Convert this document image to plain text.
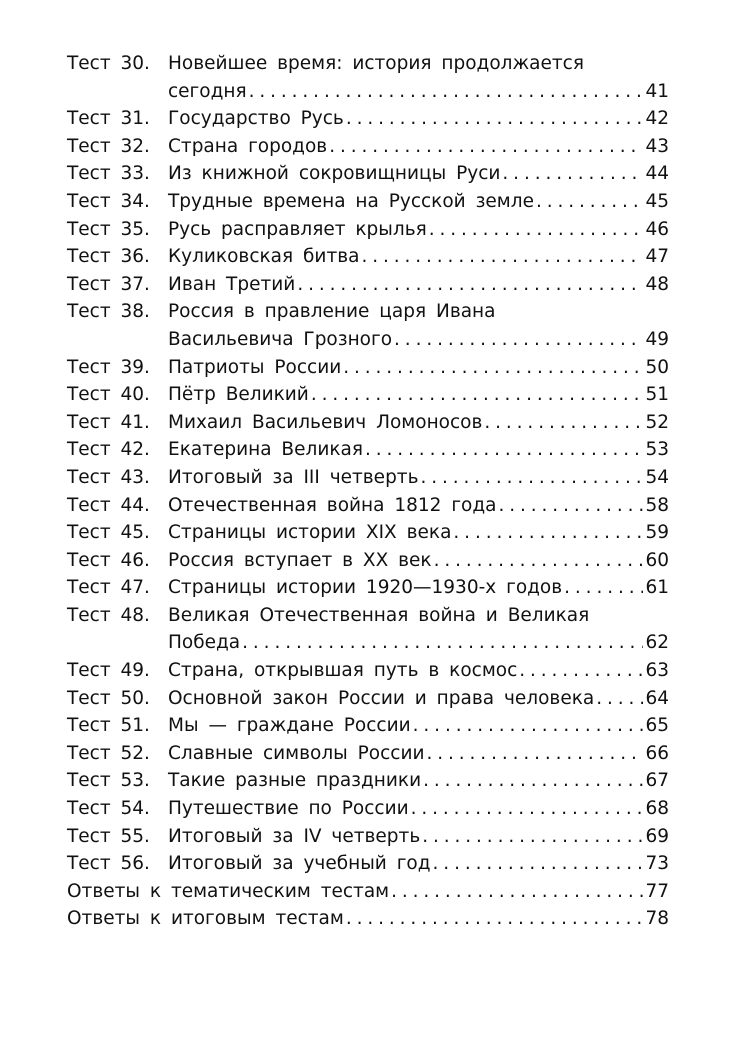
Тест 30. Новейшее время: история продолжается
сегодня . . .	41
Тест 31. Государство Русь . . .	42
Тест 32. Страна городов . . .	43
Тест 33. Из книжной сокровищницы Руси . . .	44
Тест 34. Трудные времена на Русской земле . . .	45
Тест 35. Русь расправляет крылья . . .	46
Тест 36. Куликовская битва . . .	47
Тест 37. Иван Третий . . .	48
Тест 38. Россия в правление царя Ивана
Васильевича Грозного . . .	49
Тест 39. Патриоты России . . .	50
Тест 40. Пётр Великий . . .	51
Тест 41. Михаил Васильевич Ломоносов . . .	52
Тест 42. Екатерина Великая . . .	53
Тест 43. Итоговый за III четверть . . .	54
Тест 44. Отечественная война 1812 года . . .	58
Тест 45. Страницы истории XIX века . . .	59
Тест 46. Россия вступает в XX век . . .	60
Тест 47. Страницы истории 1920—1930-х годов . . .	61
Тест 48. Великая Отечественная война и Великая
Победа . . .	62
Тест 49. Страна, открывшая путь в космос . . .	63
Тест 50. Основной закон России и права человека . . .	64
Тест 51. Мы — граждане России . . .	65
Тест 52. Славные символы России . . .	66
Тест 53. Такие разные праздники . . .	67
Тест 54. Путешествие по России . . .	68
Тест 55. Итоговый за IV четверть . . .	69
Тест 56. Итоговый за учебный год . . .	73
Ответы к тематическим тестам . . .	77
Ответы к итоговым тестам . . .	78
